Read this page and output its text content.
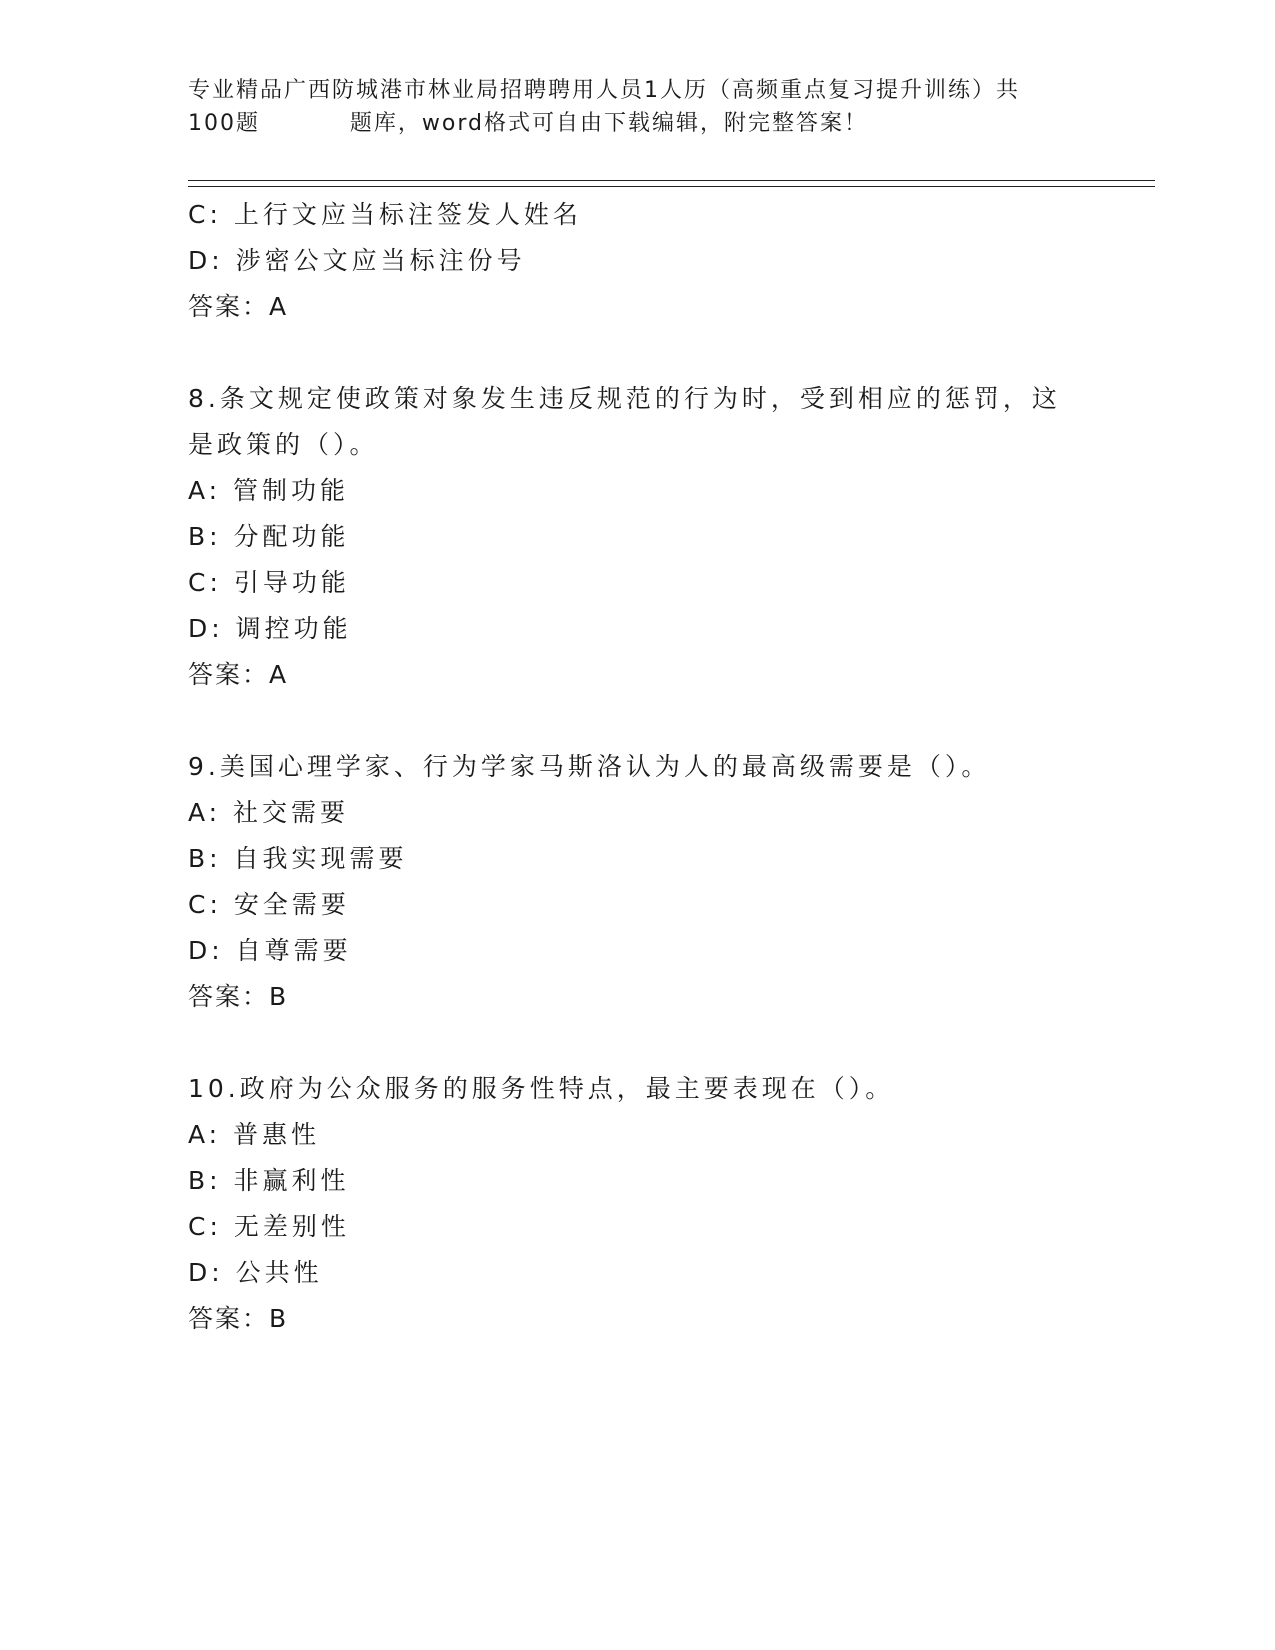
专业精品广西防城港市林业局招聘聘用人员1人历（高频重点复习提升训练）共
100题          题库，word格式可自由下载编辑，附完整答案！
C: 上行文应当标注签发人姓名
D: 涉密公文应当标注份号
答案：A
8.条文规定使政策对象发生违反规范的行为时，受到相应的惩罚，这是政策的（）。
A: 管制功能
B: 分配功能
C: 引导功能
D: 调控功能
答案：A
9.美国心理学家、行为学家马斯洛认为人的最高级需要是（）。
A: 社交需要
B: 自我实现需要
C: 安全需要
D: 自尊需要
答案：B
10.政府为公众服务的服务性特点，最主要表现在（）。
A: 普惠性
B: 非赢利性
C: 无差别性
D: 公共性
答案：B
